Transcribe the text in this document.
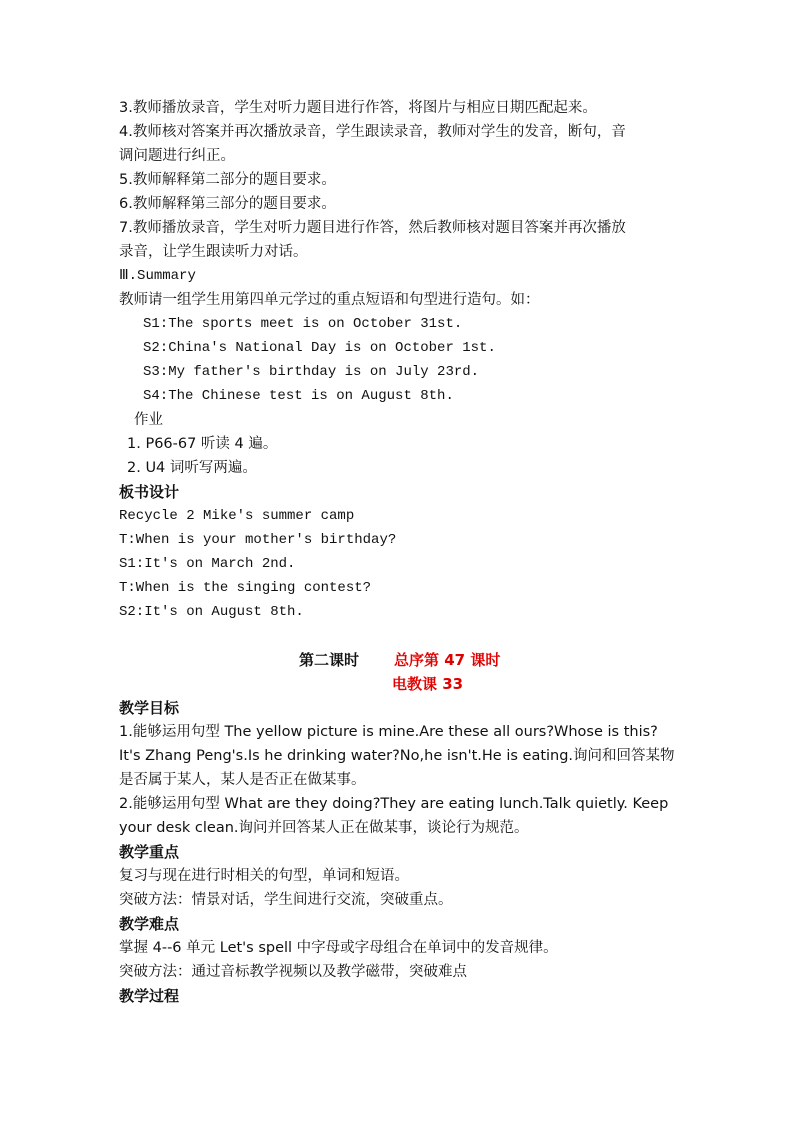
3.教师播放录音，学生对听力题目进行作答，将图片与相应日期匹配起来。
4.教师核对答案并再次播放录音，学生跟读录音，教师对学生的发音，断句，音
调问题进行纠正。
5.教师解释第二部分的题目要求。
6.教师解释第三部分的题目要求。
7.教师播放录音，学生对听力题目进行作答，然后教师核对题目答案并再次播放
录音，让学生跟读听力对话。
Ⅲ.Summary
教师请一组学生用第四单元学过的重点短语和句型进行造句。如：
S1:The sports meet is on October 31st.
S2:China's National Day is on October 1st.
S3:My father's birthday is on July 23rd.
S4:The Chinese test is on August 8th.
作业
1. P66-67 听读 4 遍。
2. U4 词听写两遍。
板书设计
Recycle 2 Mike's summer camp
T:When is your mother's birthday?
S1:It's on March 2nd.
T:When is the singing contest?
S2:It's on August 8th.
第二课时 总序第 47 课时
电教课 33
教学目标
1.能够运用句型 The yellow picture is mine.Are these all ours?Whose is this?It's Zhang Peng's.Is he drinking water?No,he isn't.He is eating.询问和回答某物是否属于某人，某人是否正在做某事。
2.能够运用句型 What are they doing?They are eating lunch.Talk quietly. Keep your desk clean.询问并回答某人正在做某事，谈论行为规范。
教学重点
复习与现在进行时相关的句型，单词和短语。
突破方法：情景对话，学生间进行交流，突破重点。
教学难点
掌握 4--6 单元 Let's spell 中字母或字母组合在单词中的发音规律。
突破方法：通过音标教学视频以及教学磁带，突破难点
教学过程
